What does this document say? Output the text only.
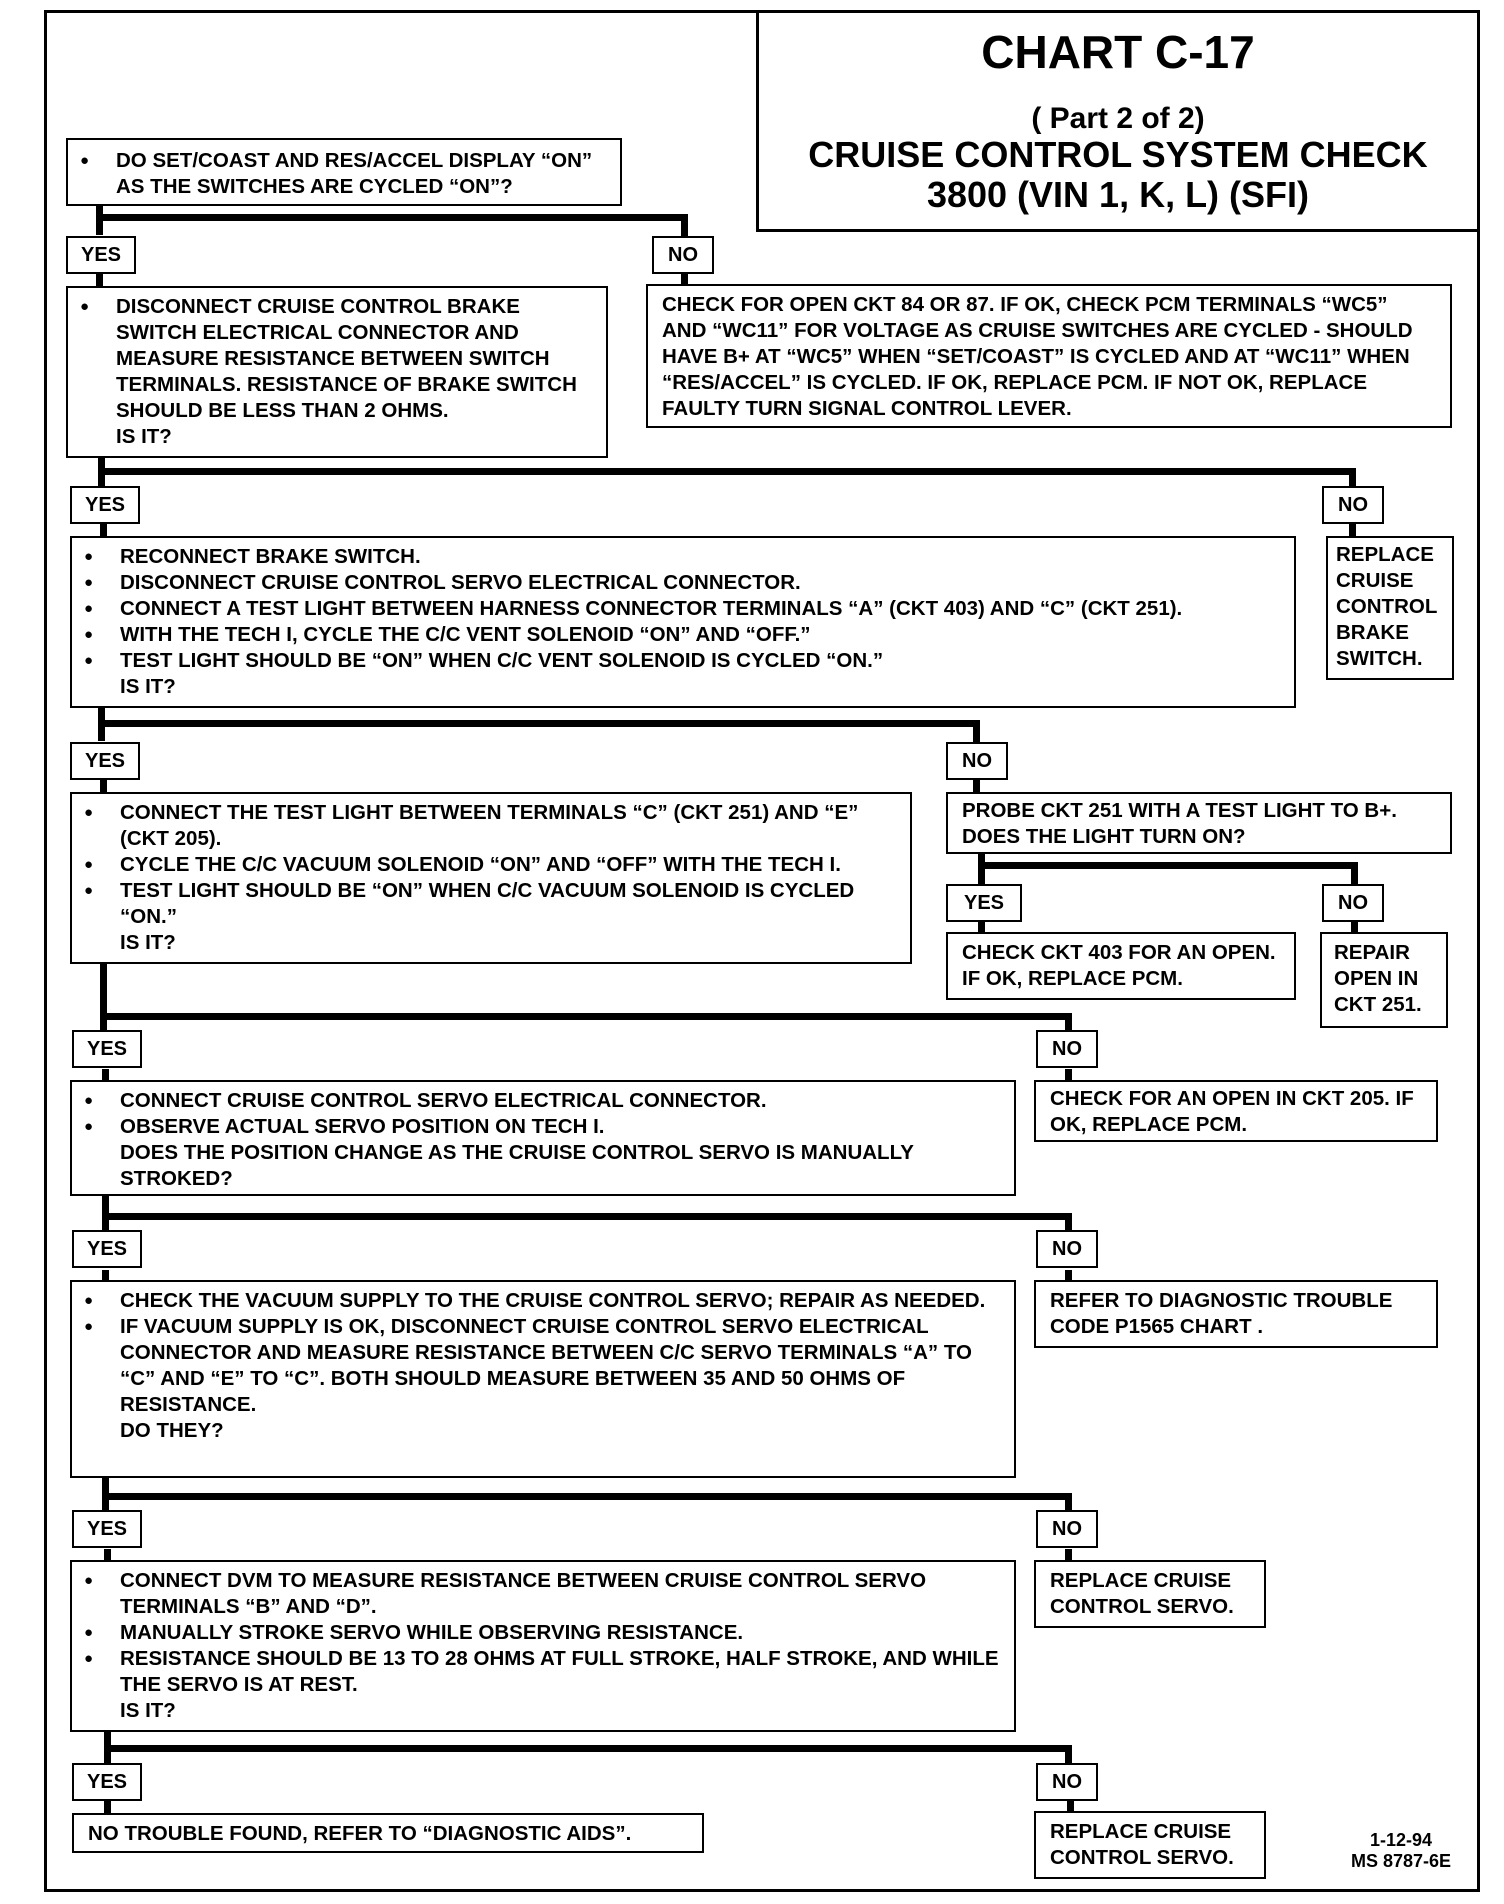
CHART C-17
( Part 2 of 2)
CRUISE CONTROL SYSTEM CHECK
3800 (VIN 1, K, L) (SFI)
● DO SET/COAST AND RES/ACCEL DISPLAY “ON” AS THE SWITCHES ARE CYCLED “ON”?
YES	NO
CHECK FOR OPEN CKT 84 OR 87. IF OK, CHECK PCM TERMINALS “WC5” AND “WC11” FOR VOLTAGE AS CRUISE SWITCHES ARE CYCLED - SHOULD HAVE B+ AT “WC5” WHEN “SET/COAST” IS CYCLED AND AT “WC11” WHEN “RES/ACCEL” IS CYCLED. IF OK, REPLACE PCM. IF NOT OK, REPLACE FAULTY TURN SIGNAL CONTROL LEVER.
● DISCONNECT CRUISE CONTROL BRAKE SWITCH ELECTRICAL CONNECTOR AND MEASURE RESISTANCE BETWEEN SWITCH TERMINALS. RESISTANCE OF BRAKE SWITCH SHOULD BE LESS THAN 2 OHMS.
IS IT?
YES	NO
REPLACE CRUISE CONTROL BRAKE SWITCH.
● RECONNECT BRAKE SWITCH.
● DISCONNECT CRUISE CONTROL SERVO ELECTRICAL CONNECTOR.
● CONNECT A TEST LIGHT BETWEEN HARNESS CONNECTOR TERMINALS “A” (CKT 403) AND “C” (CKT 251).
● WITH THE TECH I, CYCLE THE C/C VENT SOLENOID “ON” AND “OFF.”
● TEST LIGHT SHOULD BE “ON” WHEN C/C VENT SOLENOID IS CYCLED “ON.”
IS IT?
YES	NO
PROBE CKT 251 WITH A TEST LIGHT TO B+. DOES THE LIGHT TURN ON?
YES	NO
CHECK CKT 403 FOR AN OPEN. IF OK, REPLACE PCM.
REPAIR OPEN IN CKT 251.
● CONNECT THE TEST LIGHT BETWEEN TERMINALS “C” (CKT 251) AND “E” (CKT 205).
● CYCLE THE C/C VACUUM SOLENOID “ON” AND “OFF” WITH THE TECH I.
● TEST LIGHT SHOULD BE “ON” WHEN C/C VACUUM SOLENOID IS CYCLED “ON.”
IS IT?
YES	NO
CHECK FOR AN OPEN IN CKT 205. IF OK, REPLACE PCM.
● CONNECT CRUISE CONTROL SERVO ELECTRICAL CONNECTOR.
● OBSERVE ACTUAL SERVO POSITION ON TECH I.
DOES THE POSITION CHANGE AS THE CRUISE CONTROL SERVO IS MANUALLY STROKED?
YES	NO
REFER TO DIAGNOSTIC TROUBLE CODE P1565 CHART .
● CHECK THE VACUUM SUPPLY TO THE CRUISE CONTROL SERVO; REPAIR AS NEEDED.
● IF VACUUM SUPPLY IS OK, DISCONNECT CRUISE CONTROL SERVO ELECTRICAL CONNECTOR AND MEASURE RESISTANCE BETWEEN C/C SERVO TERMINALS “A” TO “C” AND “E” TO “C”. BOTH SHOULD MEASURE BETWEEN 35 AND 50 OHMS OF RESISTANCE.
DO THEY?
YES	NO
REPLACE CRUISE CONTROL SERVO.
● CONNECT DVM TO MEASURE RESISTANCE BETWEEN CRUISE CONTROL SERVO TERMINALS “B” AND “D”.
● MANUALLY STROKE SERVO WHILE OBSERVING RESISTANCE.
● RESISTANCE SHOULD BE 13 TO 28 OHMS AT FULL STROKE, HALF STROKE, AND WHILE THE SERVO IS AT REST.
IS IT?
YES	NO
NO TROUBLE FOUND, REFER TO “DIAGNOSTIC AIDS”.	REPLACE CRUISE CONTROL SERVO.
1-12-94
MS 8787-6E
